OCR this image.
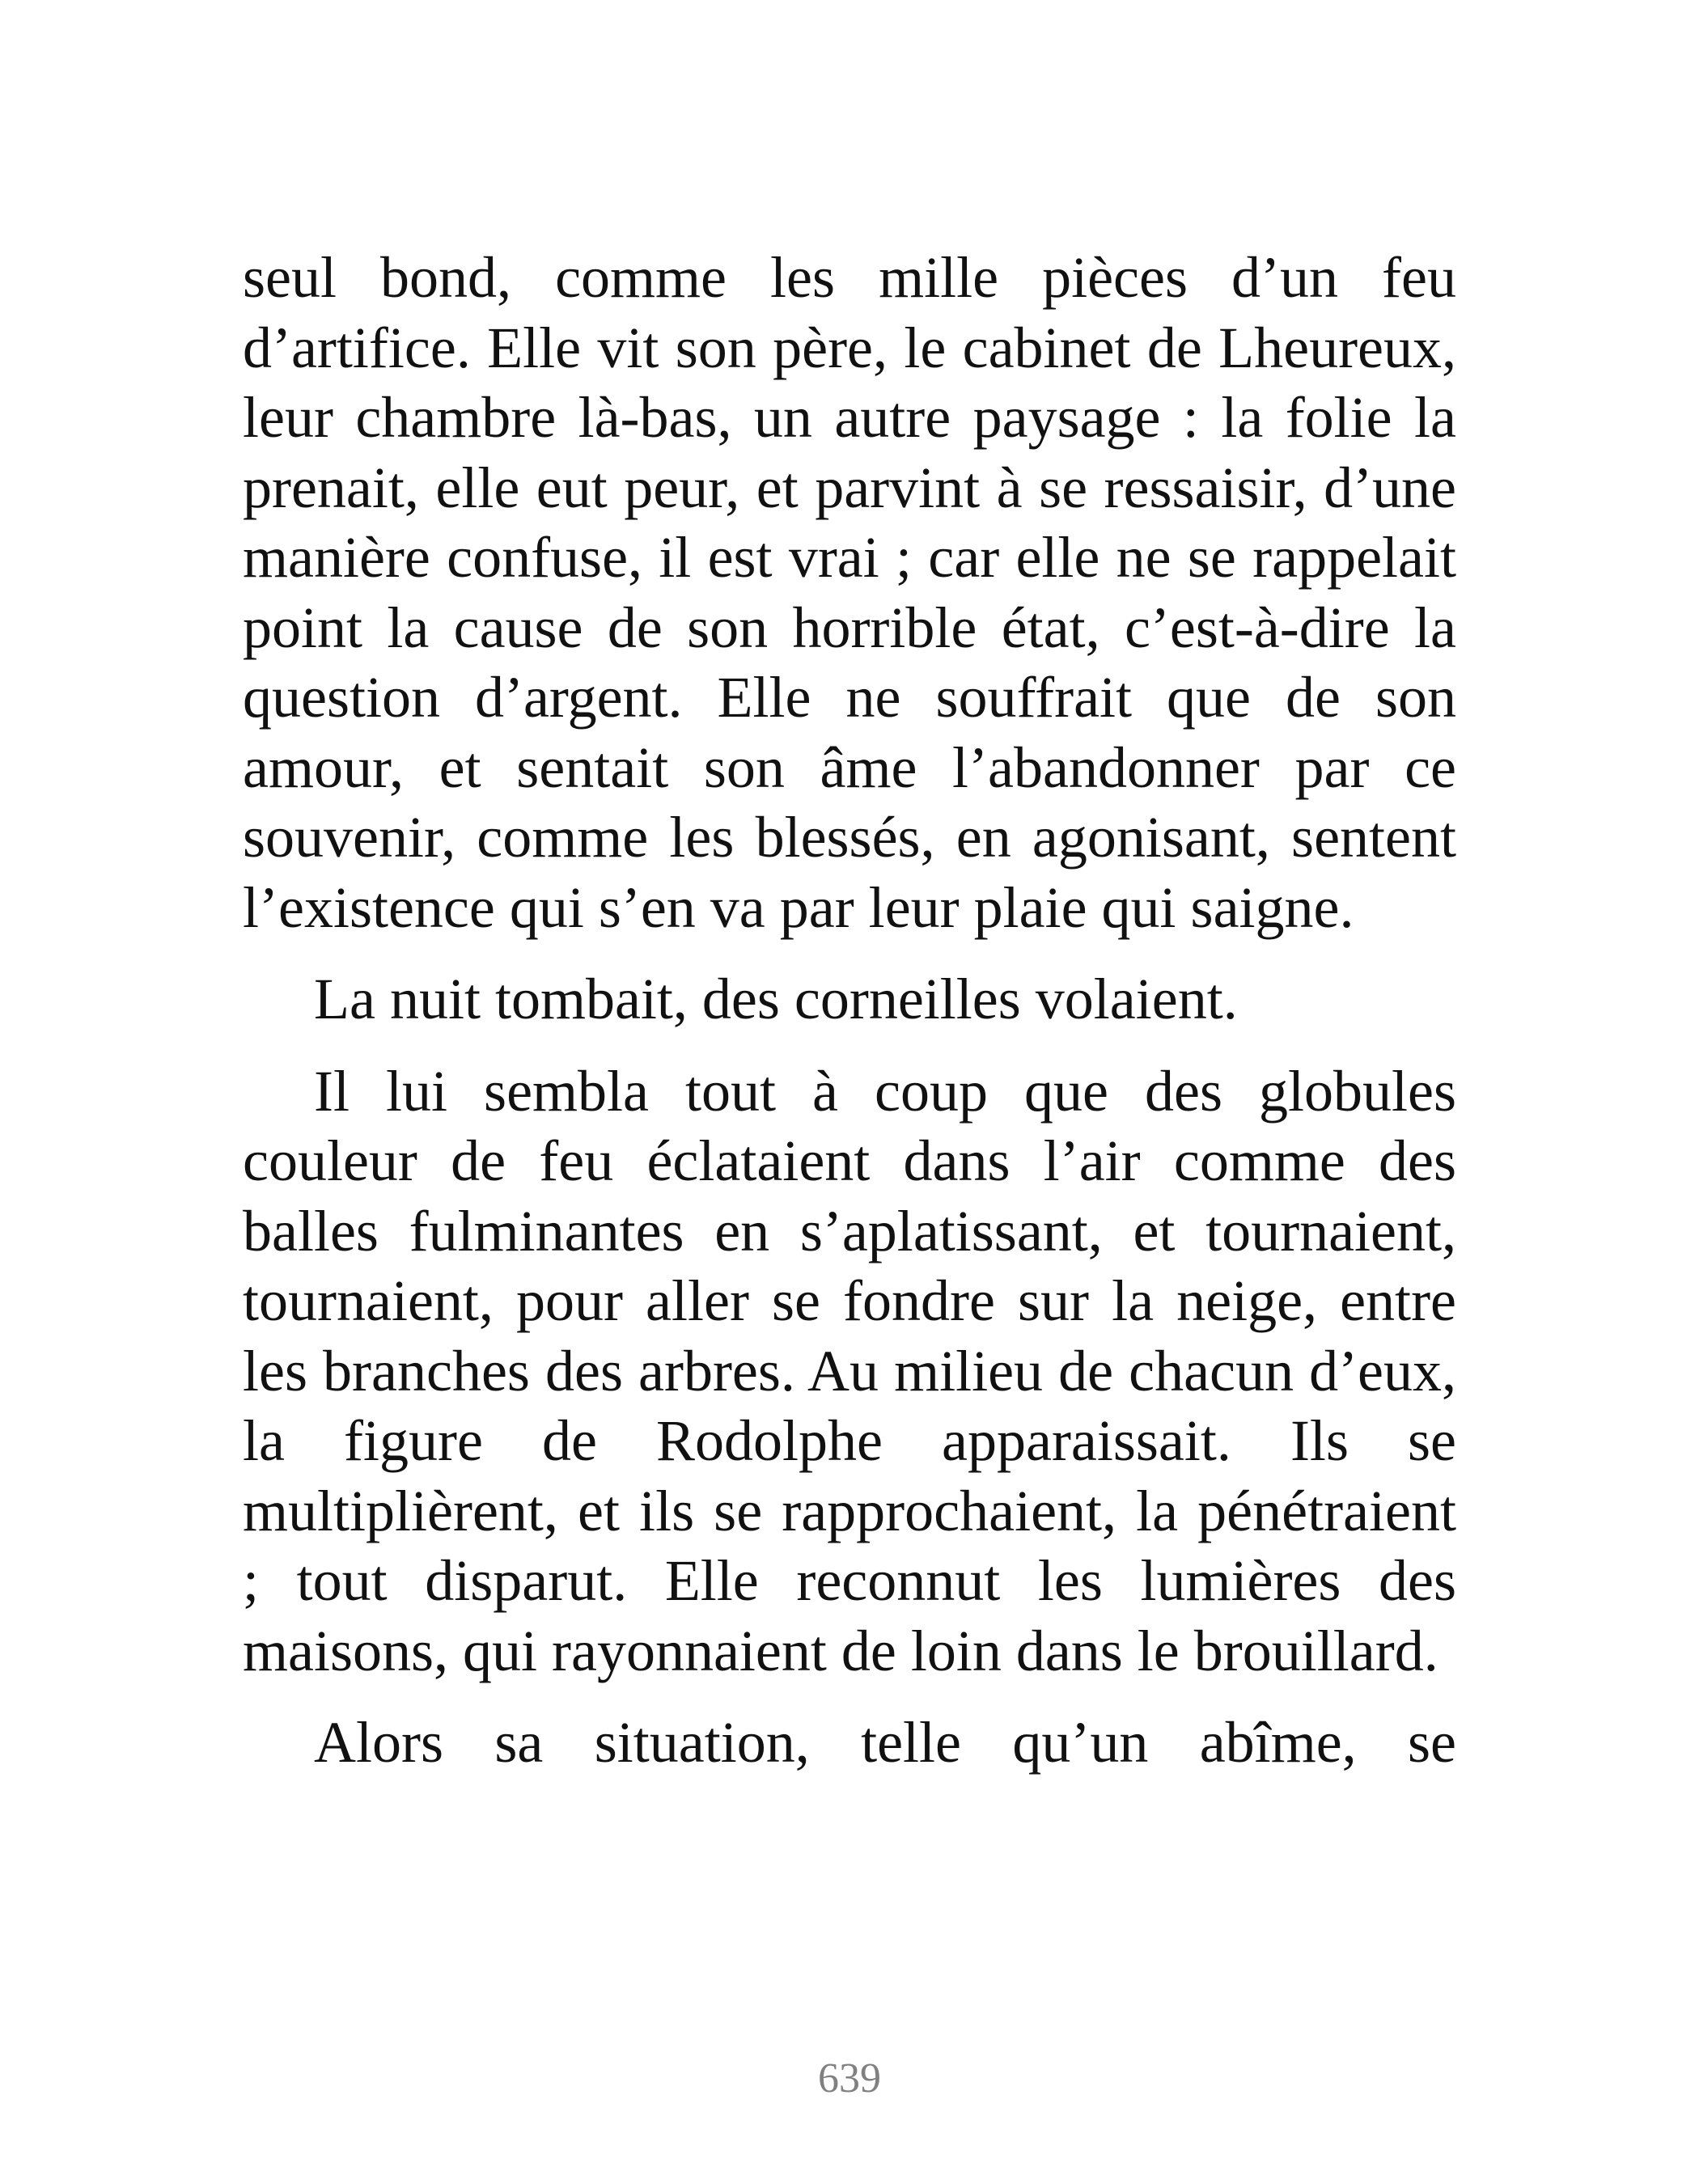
seul bond, comme les mille pièces d’un feu d’artifice. Elle vit son père, le cabinet de Lheureux, leur chambre là-bas, un autre paysage : la folie la prenait, elle eut peur, et parvint à se ressaisir, d’une manière confuse, il est vrai ; car elle ne se rappelait point la cause de son horrible état, c’est-à-dire la question d’argent. Elle ne souffrait que de son amour, et sentait son âme l’abandonner par ce souvenir, comme les blessés, en agonisant, sentent l’existence qui s’en va par leur plaie qui saigne.

La nuit tombait, des corneilles volaient.

Il lui sembla tout à coup que des globules couleur de feu éclataient dans l’air comme des balles fulminantes en s’aplatissant, et tournaient, tournaient, pour aller se fondre sur la neige, entre les branches des arbres. Au milieu de chacun d’eux, la figure de Rodolphe apparaissait. Ils se multiplièrent, et ils se rapprochaient, la pénétraient ; tout disparut. Elle reconnut les lumières des maisons, qui rayonnaient de loin dans le brouillard.

Alors sa situation, telle qu’un abîme, se

639
